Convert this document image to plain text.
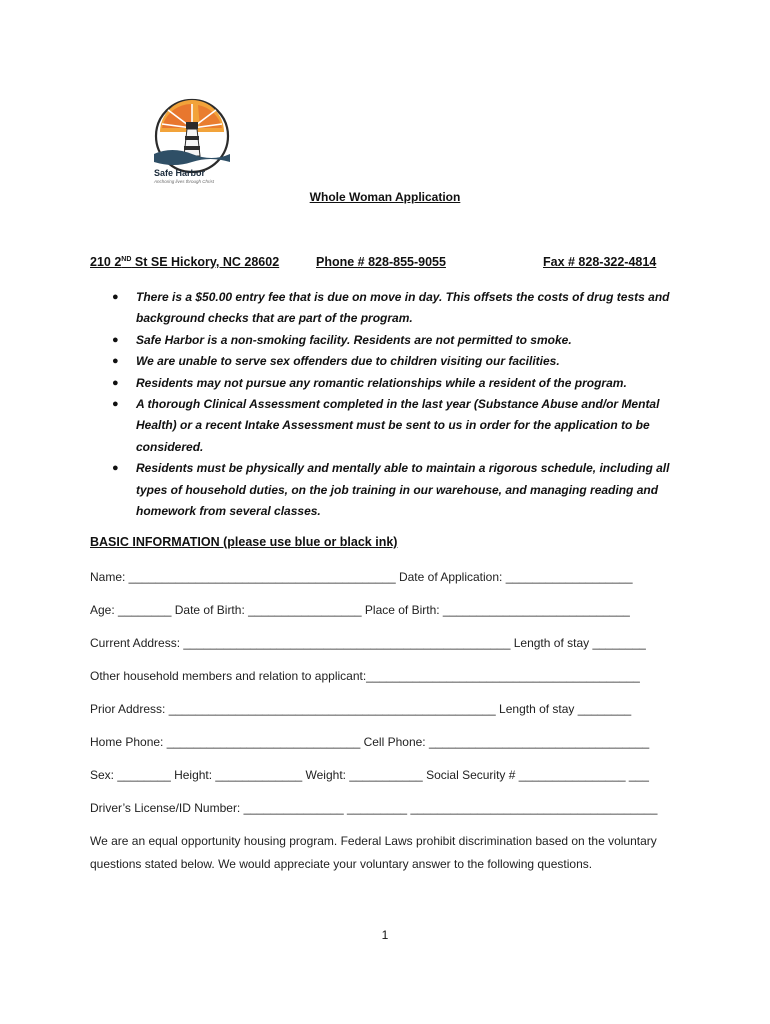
Safe Harbor
Anchoring lives through Christ
Whole Woman Application
210 2ND St SE Hickory, NC 28602	Phone # 828-855-9055	Fax # 828-322-4814
● There is a $50.00 entry fee that is due on move in day. This offsets the costs of drug tests and background checks that are part of the program.
● Safe Harbor is a non-smoking facility. Residents are not permitted to smoke.
● We are unable to serve sex offenders due to children visiting our facilities.
● Residents may not pursue any romantic relationships while a resident of the program.
● A thorough Clinical Assessment completed in the last year (Substance Abuse and/or Mental Health) or a recent Intake Assessment must be sent to us in order for the application to be considered.
● Residents must be physically and mentally able to maintain a rigorous schedule, including all types of household duties, on the job training in our warehouse, and managing reading and homework from several classes.
BASIC INFORMATION (please use blue or black ink)
Name: ________________________________________ Date of Application: ___________________
Age: ________ Date of Birth: _________________ Place of Birth: ____________________________
Current Address: _________________________________________________ Length of stay ________
Other household members and relation to applicant:_________________________________________
Prior Address: _________________________________________________ Length of stay ________
Home Phone: _____________________________ Cell Phone: _________________________________
Sex: ________ Height: _____________ Weight: ___________ Social Security # ________________ ___
Driver’s License/ID Number: _______________ _________ _____________________________________
We are an equal opportunity housing program. Federal Laws prohibit discrimination based on the voluntary questions stated below. We would appreciate your voluntary answer to the following questions.
1
